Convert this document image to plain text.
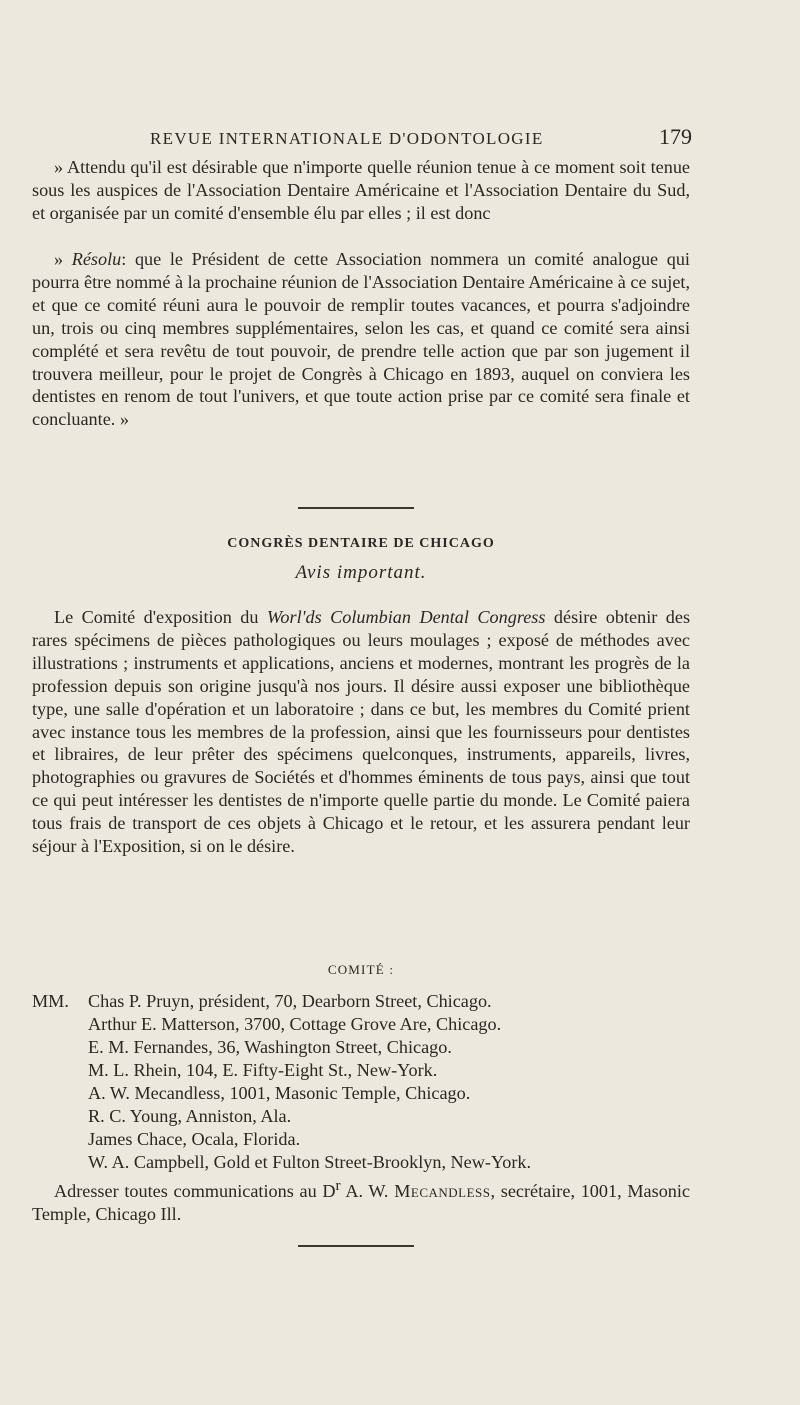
REVUE INTERNATIONALE D'ODONTOLOGIE	179

» Attendu qu'il est désirable que n'importe quelle réunion tenue à ce moment soit tenue sous les auspices de l'Association Dentaire Américaine et l'Association Dentaire du Sud, et organisée par un comité d'ensemble élu par elles ; il est donc

» Résolu: que le Président de cette Association nommera un comité analogue qui pourra être nommé à la prochaine réunion de l'Association Dentaire Américaine à ce sujet, et que ce comité réuni aura le pouvoir de remplir toutes vacances, et pourra s'adjoindre un, trois ou cinq membres supplémentaires, selon les cas, et quand ce comité sera ainsi complété et sera revêtu de tout pouvoir, de prendre telle action que par son jugement il trouvera meilleur, pour le projet de Congrès à Chicago en 1893, auquel on conviera les dentistes en renom de tout l'univers, et que toute action prise par ce comité sera finale et concluante. »

CONGRÈS DENTAIRE DE CHICAGO
Avis important.

Le Comité d'exposition du Worl'ds Columbian Dental Congress désire obtenir des rares spécimens de pièces pathologiques ou leurs moulages ; exposé de méthodes avec illustrations ; instruments et applications, anciens et modernes, montrant les progrès de la profession depuis son origine jusqu'à nos jours. Il désire aussi exposer une bibliothèque type, une salle d'opération et un laboratoire ; dans ce but, les membres du Comité prient avec instance tous les membres de la profession, ainsi que les fournisseurs pour dentistes et libraires, de leur prêter des spécimens quelconques, instruments, appareils, livres, photographies ou gravures de Sociétés et d'hommes éminents de tous pays, ainsi que tout ce qui peut intéresser les dentistes de n'importe quelle partie du monde. Le Comité paiera tous frais de transport de ces objets à Chicago et le retour, et les assurera pendant leur séjour à l'Exposition, si on le désire.

COMITÉ :
MM.	Chas P. Pruyn, président, 70, Dearborn Street, Chicago.
Arthur E. Matterson, 3700, Cottage Grove Are, Chicago.
E. M. Fernandes, 36, Washington Street, Chicago.
M. L. Rhein, 104, E. Fifty-Eight St., New-York.
A. W. Mecandless, 1001, Masonic Temple, Chicago.
R. C. Young, Anniston, Ala.
James Chace, Ocala, Florida.
W. A. Campbell, Gold et Fulton Street-Brooklyn, New-York.

Adresser toutes communications au $D^r$ A. W. Mecandless, secrétaire, 1001, Masonic Temple, Chicago Ill.
